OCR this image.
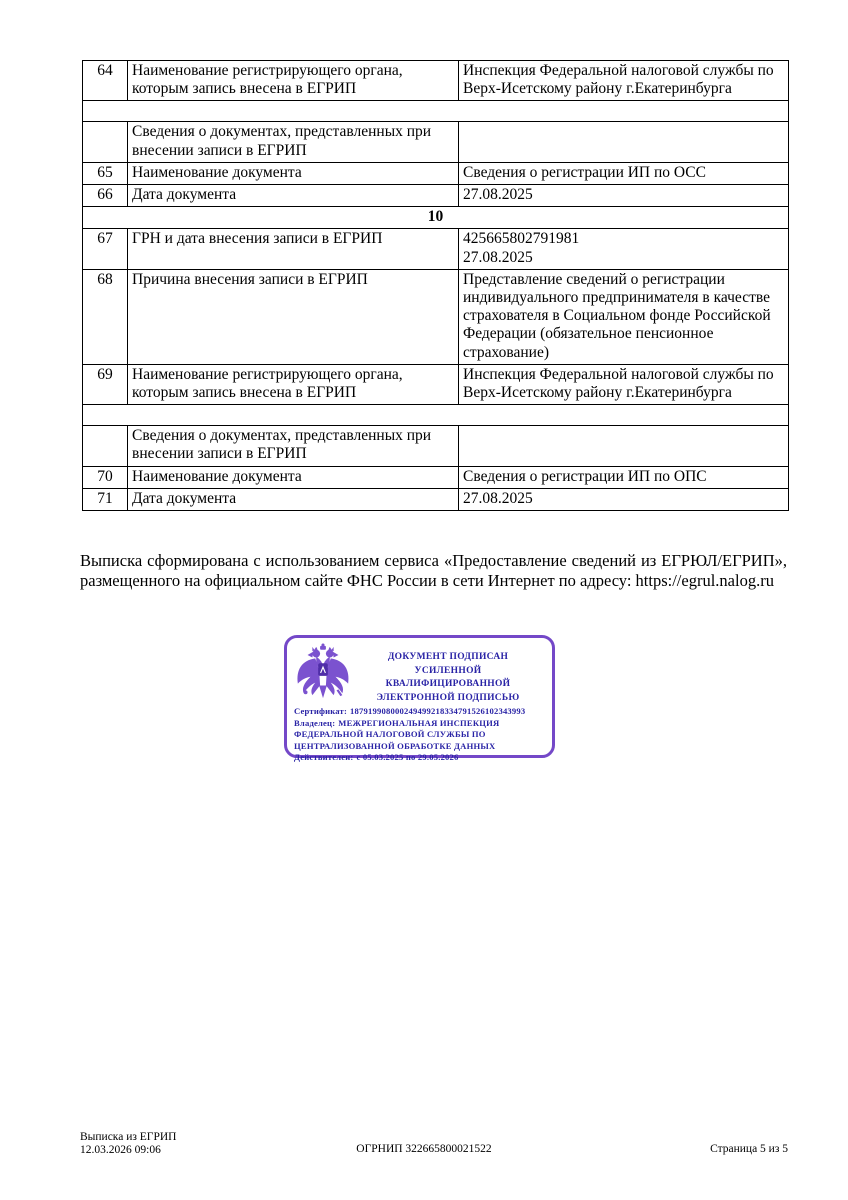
64	Наименование регистрирующего органа, которым запись внесена в ЕГРИП	Инспекция Федеральной налоговой службы по Верх-Исетскому району г.Екатеринбурга

	Сведения о документах, представленных при внесении записи в ЕГРИП	
65	Наименование документа	Сведения о регистрации ИП по ОСС
66	Дата документа	27.08.2025
10		
67	ГРН и дата внесения записи в ЕГРИП	425665802791981
27.08.2025
68	Причина внесения записи в ЕГРИП	Представление сведений о регистрации индивидуального предпринимателя в качестве страхователя в Социальном фонде Российской Федерации (обязательное пенсионное страхование)
69	Наименование регистрирующего органа, которым запись внесена в ЕГРИП	Инспекция Федеральной налоговой службы по Верх-Исетскому району г.Екатеринбурга

	Сведения о документах, представленных при внесении записи в ЕГРИП	
70	Наименование документа	Сведения о регистрации ИП по ОПС
71	Дата документа	27.08.2025
Выписка сформирована с использованием сервиса «Предоставление сведений из ЕГРЮЛ/ЕГРИП», размещенного на официальном сайте ФНС России в сети Интернет по адресу: https://egrul.nalog.ru
ДОКУМЕНТ ПОДПИСАН
УСИЛЕННОЙ КВАЛИФИЦИРОВАННОЙ
ЭЛЕКТРОННОЙ ПОДПИСЬЮ
Сертификат: 187919908000249499218334791526102343993
Владелец: МЕЖРЕГИОНАЛЬНАЯ ИНСПЕКЦИЯ ФЕДЕРАЛЬНОЙ НАЛОГОВОЙ СЛУЖБЫ ПО ЦЕНТРАЛИЗОВАННОЙ ОБРАБОТКЕ ДАННЫХ
Действителен: с 05.03.2025 по 29.05.2026
Выписка из ЕГРИП
12.03.2026 09:06	ОГРНИП 322665800021522	Страница 5 из 5
